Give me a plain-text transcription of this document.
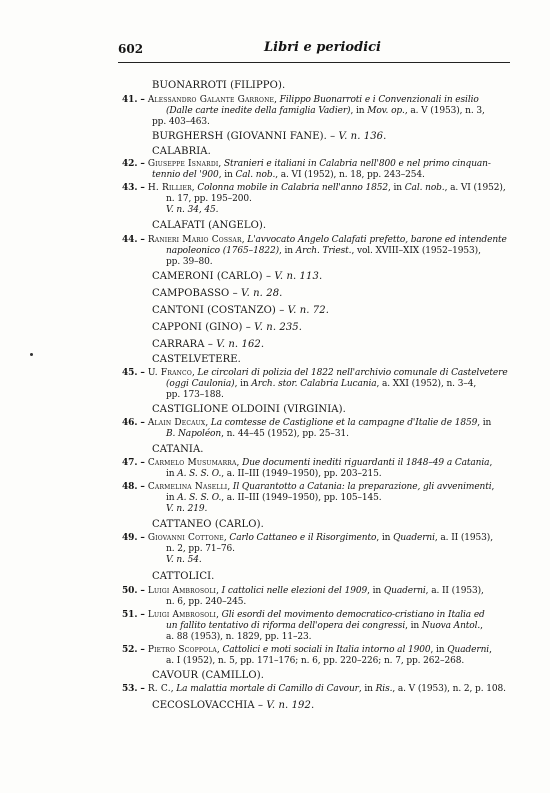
602	Libri e periodici
BUONARROTI (FILIPPO).
41. – Alessandro Galante Garrone, Filippo Buonarroti e i Convenzionali in esilio
(Dalle carte inedite della famiglia Vadier), in Mov. op., a. V (1953), n. 3,
pp. 403–463.
BURGHERSH (GIOVANNI FANE). – V. n. 136.
CALABRIA.
42. – Giuseppe Isnardi, Stranieri e italiani in Calabria nell'800 e nel primo cinquan-
tennio del '900, in Cal. nob., a. VI (1952), n. 18, pp. 243–254.
43. – H. Rillier, Colonna mobile in Calabria nell'anno 1852, in Cal. nob., a. VI (1952),
n. 17, pp. 195–200.
V. n. 34, 45.
CALAFATI (ANGELO).
44. – Ranieri Mario Cossar, L'avvocato Angelo Calafati prefetto, barone ed intendente
napoleonico (1765–1822), in Arch. Triest., vol. XVIII–XIX (1952–1953),
pp. 39–80.
CAMERONI (CARLO) – V. n. 113.
CAMPOBASSO – V. n. 28.
CANTONI (COSTANZO) – V. n. 72.
CAPPONI (GINO) – V. n. 235.
CARRARA – V. n. 162.
CASTELVETERE.
45. – U. Franco, Le circolari di polizia del 1822 nell'archivio comunale di Castelvetere
(oggi Caulonia), in Arch. stor. Calabria Lucania, a. XXI (1952), n. 3–4,
pp. 173–188.
CASTIGLIONE OLDOINI (VIRGINIA).
46. – Alain Decaux, La comtesse de Castiglione et la campagne d'Italie de 1859, in
B. Napoléon, n. 44–45 (1952), pp. 25–31.
CATANIA.
47. – Carmelo Musumarra, Due documenti inediti riguardanti il 1848–49 a Catania,
in A. S. S. O., a. II–III (1949–1950), pp. 203–215.
48. – Carmelina Naselli, Il Quarantotto a Catania: la preparazione, gli avvenimenti,
in A. S. S. O., a. II–III (1949–1950), pp. 105–145.
V. n. 219.
CATTANEO (CARLO).
49. – Giovanni Cottone, Carlo Cattaneo e il Risorgimento, in Quaderni, a. II (1953),
n. 2, pp. 71–76.
V. n. 54.
CATTOLICI.
50. – Luigi Ambrosoli, I cattolici nelle elezioni del 1909, in Quaderni, a. II (1953),
n. 6, pp. 240–245.
51. – Luigi Ambrosoli, Gli esordi del movimento democratico-cristiano in Italia ed
un fallito tentativo di riforma dell'opera dei congressi, in Nuova Antol.,
a. 88 (1953), n. 1829, pp. 11–23.
52. – Pietro Scoppola, Cattolici e moti sociali in Italia intorno al 1900, in Quaderni,
a. I (1952), n. 5, pp. 171–176; n. 6, pp. 220–226; n. 7, pp. 262–268.
CAVOUR (CAMILLO).
53. – R. C., La malattia mortale di Camillo di Cavour, in Ris., a. V (1953), n. 2, p. 108.
CECOSLOVACCHIA – V. n. 192.
